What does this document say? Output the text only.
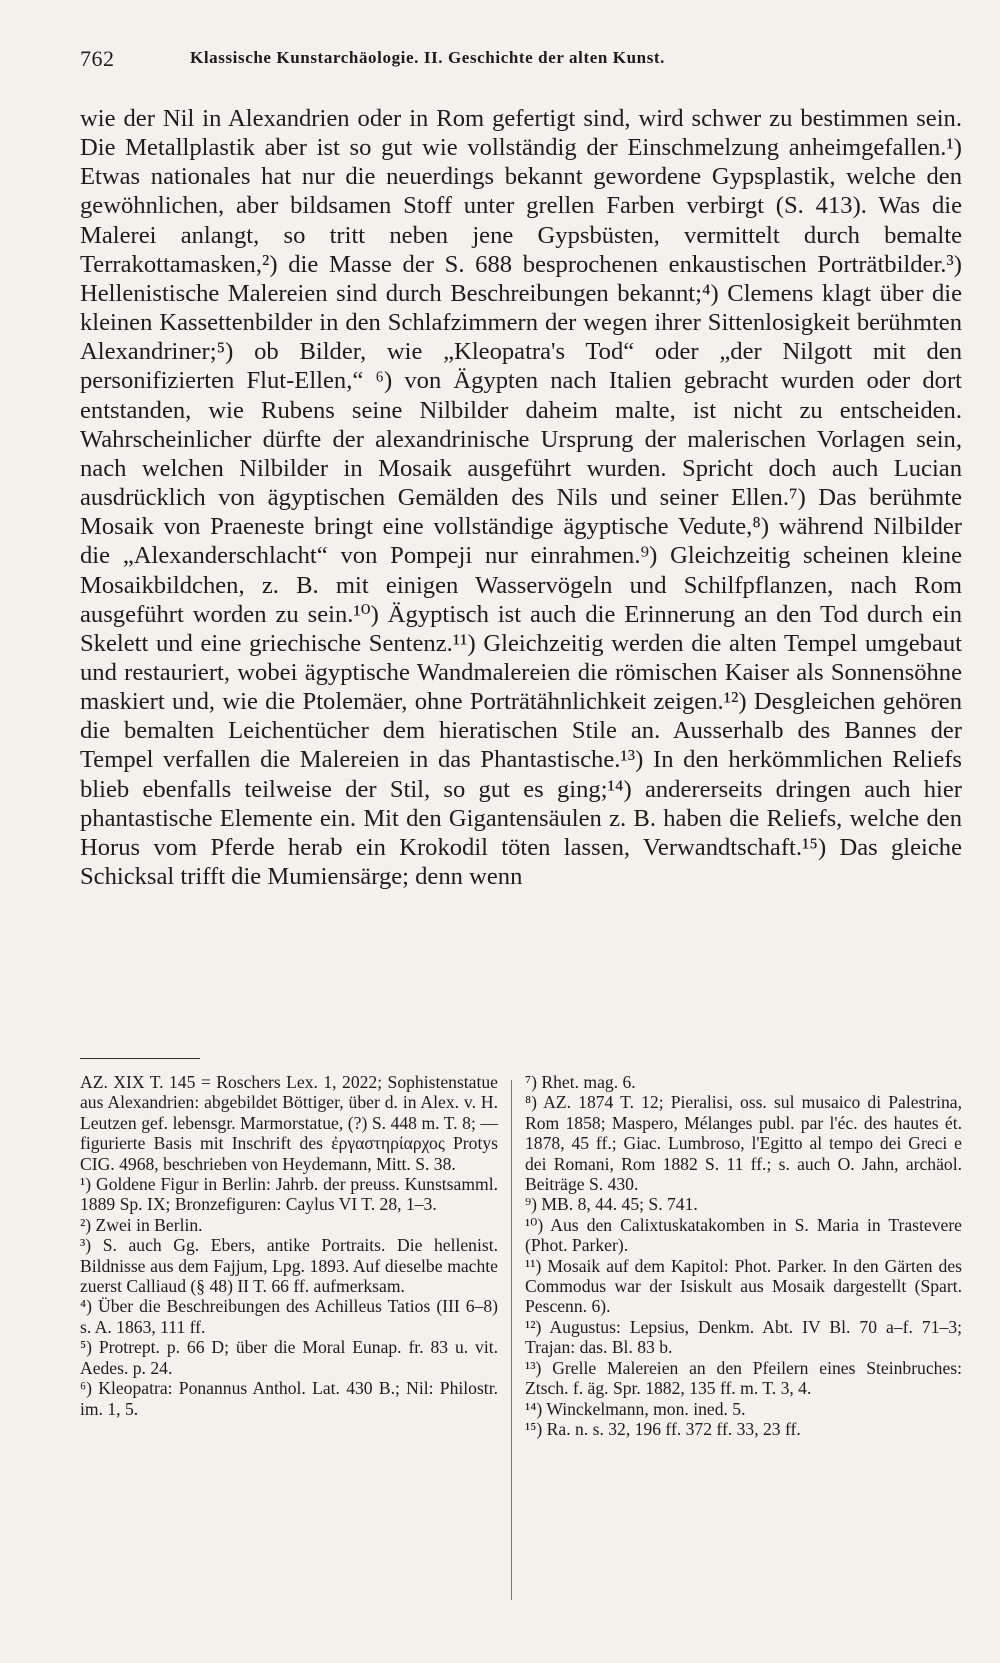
762	Klassische Kunstarchäologie. II. Geschichte der alten Kunst.

wie der Nil in Alexandrien oder in Rom gefertigt sind, wird schwer zu bestimmen sein. Die Metallplastik aber ist so gut wie vollständig der Einschmelzung anheimgefallen.¹) Etwas nationales hat nur die neuerdings bekannt gewordene Gypsplastik, welche den gewöhnlichen, aber bildsamen Stoff unter grellen Farben verbirgt (S. 413). Was die Malerei anlangt, so tritt neben jene Gypsbüsten, vermittelt durch bemalte Terrakottamasken,²) die Masse der S. 688 besprochenen enkaustischen Porträtbilder.³) Hellenistische Malereien sind durch Beschreibungen bekannt;⁴) Clemens klagt über die kleinen Kassettenbilder in den Schlafzimmern der wegen ihrer Sittenlosigkeit berühmten Alexandriner;⁵) ob Bilder, wie „Kleopatra's Tod“ oder „der Nilgott mit den personifizierten Flut-Ellen,“ ⁶) von Ägypten nach Italien gebracht wurden oder dort entstanden, wie Rubens seine Nilbilder daheim malte, ist nicht zu entscheiden. Wahrscheinlicher dürfte der alexandrinische Ursprung der malerischen Vorlagen sein, nach welchen Nilbilder in Mosaik ausgeführt wurden. Spricht doch auch Lucian ausdrücklich von ägyptischen Gemälden des Nils und seiner Ellen.⁷) Das berühmte Mosaik von Praeneste bringt eine vollständige ägyptische Vedute,⁸) während Nilbilder die „Alexanderschlacht“ von Pompeji nur einrahmen.⁹) Gleichzeitig scheinen kleine Mosaikbildchen, z. B. mit einigen Wasservögeln und Schilfpflanzen, nach Rom ausgeführt worden zu sein.¹⁰) Ägyptisch ist auch die Erinnerung an den Tod durch ein Skelett und eine griechische Sentenz.¹¹) Gleichzeitig werden die alten Tempel umgebaut und restauriert, wobei ägyptische Wandmalereien die römischen Kaiser als Sonnensöhne maskiert und, wie die Ptolemäer, ohne Porträtähnlichkeit zeigen.¹²) Desgleichen gehören die bemalten Leichentücher dem hieratischen Stile an. Ausserhalb des Bannes der Tempel verfallen die Malereien in das Phantastische.¹³) In den herkömmlichen Reliefs blieb ebenfalls teilweise der Stil, so gut es ging;¹⁴) andererseits dringen auch hier phantastische Elemente ein. Mit den Gigantensäulen z. B. haben die Reliefs, welche den Horus vom Pferde herab ein Krokodil töten lassen, Verwandtschaft.¹⁵) Das gleiche Schicksal trifft die Mumiensärge; denn wenn

AZ. XIX T. 145 = Roschers Lex. 1, 2022; Sophistenstatue aus Alexandrien: abgebildet Böttiger, über d. in Alex. v. H. Leutzen gef. lebensgr. Marmorstatue, (?) S. 448 m. T. 8; — figurierte Basis mit Inschrift des ἐργαστηρίαρχος Protys CIG. 4968, beschrieben von Heydemann, Mitt. S. 38.

¹) Goldene Figur in Berlin: Jahrb. der preuss. Kunstsamml. 1889 Sp. IX; Bronzefiguren: Caylus VI T. 28, 1–3.

²) Zwei in Berlin.

³) S. auch Gg. Ebers, antike Portraits. Die hellenist. Bildnisse aus dem Fajjum, Lpg. 1893. Auf dieselbe machte zuerst Calliaud (§ 48) II T. 66 ff. aufmerksam.

⁴) Über die Beschreibungen des Achilleus Tatios (III 6–8) s. A. 1863, 111 ff.

⁵) Protrept. p. 66 D; über die Moral Eunap. fr. 83 u. vit. Aedes. p. 24.

⁶) Kleopatra: Ponannus Anthol. Lat. 430 B.; Nil: Philostr. im. 1, 5.

⁷) Rhet. mag. 6.

⁸) AZ. 1874 T. 12; Pieralisi, oss. sul musaico di Palestrina, Rom 1858; Maspero, Mélanges publ. par l'éc. des hautes ét. 1878, 45 ff.; Giac. Lumbroso, l'Egitto al tempo dei Greci e dei Romani, Rom 1882 S. 11 ff.; s. auch O. Jahn, archäol. Beiträge S. 430.

⁹) MB. 8, 44. 45; S. 741.

¹⁰) Aus den Calixtuskatakomben in S. Maria in Trastevere (Phot. Parker).

¹¹) Mosaik auf dem Kapitol: Phot. Parker. In den Gärten des Commodus war der Isiskult aus Mosaik dargestellt (Spart. Pescenn. 6).

¹²) Augustus: Lepsius, Denkm. Abt. IV Bl. 70 a–f. 71–3; Trajan: das. Bl. 83 b.

¹³) Grelle Malereien an den Pfeilern eines Steinbruches: Ztsch. f. äg. Spr. 1882, 135 ff. m. T. 3, 4.

¹⁴) Winckelmann, mon. ined. 5.

¹⁵) Ra. n. s. 32, 196 ff. 372 ff. 33, 23 ff.
